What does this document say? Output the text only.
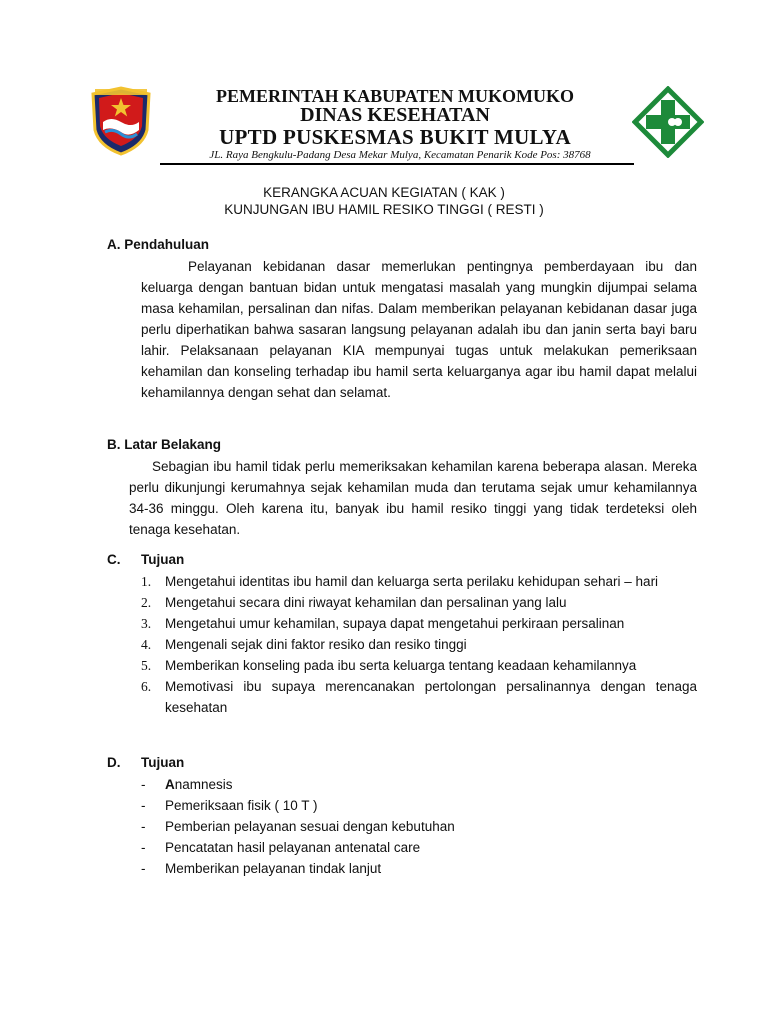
PEMERINTAH KABUPATEN MUKOMUKO
DINAS KESEHATAN
UPTD PUSKESMAS BUKIT MULYA
JL. Raya Bengkulu-Padang Desa Mekar Mulya, Kecamatan Penarik Kode Pos: 38768
KERANGKA ACUAN KEGIATAN ( KAK )
KUNJUNGAN IBU HAMIL RESIKO TINGGI ( RESTI )
A. Pendahuluan

Pelayanan kebidanan dasar memerlukan pentingnya pemberdayaan ibu dan keluarga dengan bantuan bidan untuk mengatasi masalah yang mungkin dijumpai selama masa kehamilan, persalinan dan nifas. Dalam memberikan pelayanan kebidanan dasar juga perlu diperhatikan bahwa sasaran langsung pelayanan adalah ibu dan janin serta bayi baru lahir. Pelaksanaan pelayanan KIA mempunyai tugas untuk melakukan pemeriksaan kehamilan dan konseling terhadap ibu hamil serta keluarganya agar ibu hamil dapat melalui kehamilannya dengan sehat dan selamat.

B. Latar Belakang

Sebagian ibu hamil tidak perlu memeriksakan kehamilan karena beberapa alasan. Mereka perlu dikunjungi kerumahnya sejak kehamilan muda dan terutama sejak umur kehamilannya 34-36 minggu. Oleh karena itu, banyak ibu hamil resiko tinggi yang tidak terdeteksi oleh tenaga kesehatan.

C. Tujuan
1. Mengetahui identitas ibu hamil dan keluarga serta perilaku kehidupan sehari – hari
2. Mengetahui secara dini riwayat kehamilan dan persalinan yang lalu
3. Mengetahui umur kehamilan, supaya dapat mengetahui perkiraan persalinan
4. Mengenali sejak dini faktor resiko dan resiko tinggi
5. Memberikan konseling pada ibu serta keluarga tentang keadaan kehamilannya
6. Memotivasi ibu supaya merencanakan pertolongan persalinannya dengan tenaga kesehatan
D. Tujuan
- Anamnesis
- Pemeriksaan fisik ( 10 T )
- Pemberian pelayanan sesuai dengan kebutuhan
- Pencatatan hasil pelayanan antenatal care
- Memberikan pelayanan tindak lanjut
